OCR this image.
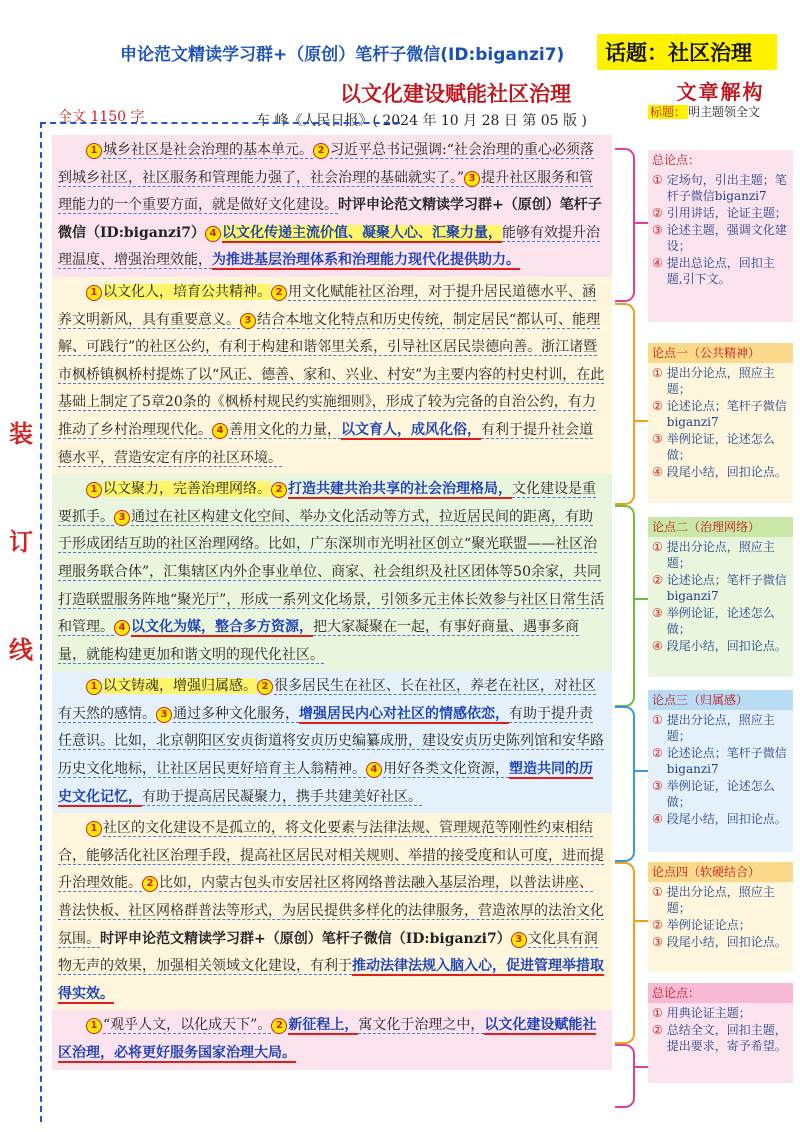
申论范文精读学习群+（原创）笔杆子微信(ID:biganzi7)	话题：社区治理
以文化建设赋能社区治理
全文 1150 字	车 峰《人民日报》( 2024 年 10 月 28 日 第 05 版 )
装
订
线

1 城乡社区是社会治理的基本单元。 2 习近平总书记强调:“社会治理的重心必须落到城乡社区，社区服务和管理能力强了，社会治理的基础就实了。” 3 提升社区服务和管理能力的一个重要方面，就是做好文化建设。时评申论范文精读学习群+（原创）笔杆子微信（ID:biganzi7） 4 以文化传递主流价值、凝聚人心、汇聚力量，能够有效提升治理温度、增强治理效能，为推进基层治理体系和治理能力现代化提供助力。

1 以文化人，培育公共精神。 2 用文化赋能社区治理，对于提升居民道德水平、涵养文明新风，具有重要意义。 3 结合本地文化特点和历史传统，制定居民“都认可、能理解、可践行”的社区公约，有利于构建和谐邻里关系，引导社区居民崇德向善。浙江诸暨市枫桥镇枫桥村提炼了以“风正、德善、家和、兴业、村安”为主要内容的村史村训，在此基础上制定了5章20条的《枫桥村规民约实施细则》，形成了较为完备的自治公约，有力推动了乡村治理现代化。 4 善用文化的力量，以文育人，成风化俗，有利于提升社会道德水平，营造安定有序的社区环境。

1 以文聚力，完善治理网络。 2 打造共建共治共享的社会治理格局，文化建设是重要抓手。 3 通过在社区构建文化空间、举办文化活动等方式，拉近居民间的距离，有助于形成团结互助的社区治理网络。比如，广东深圳市光明社区创立“聚光联盟——社区治理服务联合体”，汇集辖区内外企事业单位、商家、社会组织及社区团体等50余家，共同打造联盟服务阵地“聚光厅”，形成一系列文化场景，引领多元主体长效参与社区日常生活和管理。 4 以文化为媒，整合多方资源，把大家凝聚在一起，有事好商量、遇事多商量，就能构建更加和谐文明的现代化社区。

1 以文铸魂，增强归属感。 2 很多居民生在社区、长在社区，养老在社区，对社区有天然的感情。 3 通过多种文化服务，增强居民内心对社区的情感依恋，有助于提升责任意识。比如，北京朝阳区安贞街道将安贞历史编纂成册，建设安贞历史陈列馆和安华路历史文化地标，让社区居民更好培育主人翁精神。 4 用好各类文化资源，塑造共同的历史文化记忆，有助于提高居民凝聚力，携手共建美好社区。

1 社区的文化建设不是孤立的，将文化要素与法律法规、管理规范等刚性约束相结合，能够活化社区治理手段，提高社区居民对相关规则、举措的接受度和认可度，进而提升治理效能。 2 比如，内蒙古包头市安居社区将网络普法融入基层治理，以普法讲座、普法快板、社区网格群普法等形式，为居民提供多样化的法律服务，营造浓厚的法治文化氛围。时评申论范文精读学习群+（原创）笔杆子微信（ID:biganzi7） 3 文化具有润物无声的效果，加强相关领域文化建设，有利于推动法律法规入脑入心，促进管理举措取得实效。

1 “观乎人文，以化成天下”。 2 新征程上，寓文化于治理之中，以文化建设赋能社区治理，必将更好服务国家治理大局。

文章解构
标题： 明主题领全文
总论点：
① 定场句，引出主题；笔杆子微信biganzi7
② 引用讲话，论证主题；
③ 论述主题，强调文化建设；
④ 提出总论点，回扣主题,引下文。
论点一（公共精神）
① 提出分论点，照应主题；
② 论述论点；笔杆子微信 biganzi7
③ 举例论证，论述怎么做；
④ 段尾小结，回扣论点。
论点二（治理网络）
① 提出分论点，照应主题；
② 论述论点；笔杆子微信 biganzi7
③ 举例论证，论述怎么做；
④ 段尾小结，回扣论点。
论点三（归属感）
① 提出分论点，照应主题；
② 论述论点；笔杆子微信 biganzi7
③ 举例论证，论述怎么做；
④ 段尾小结，回扣论点。
论点四（软硬结合）
① 提出分论点，照应主题；
② 举例论证论点；
③ 段尾小结，回扣论点。
总论点：
① 用典论证主题；
② 总结全文，回扣主题，提出要求，寄予希望。
